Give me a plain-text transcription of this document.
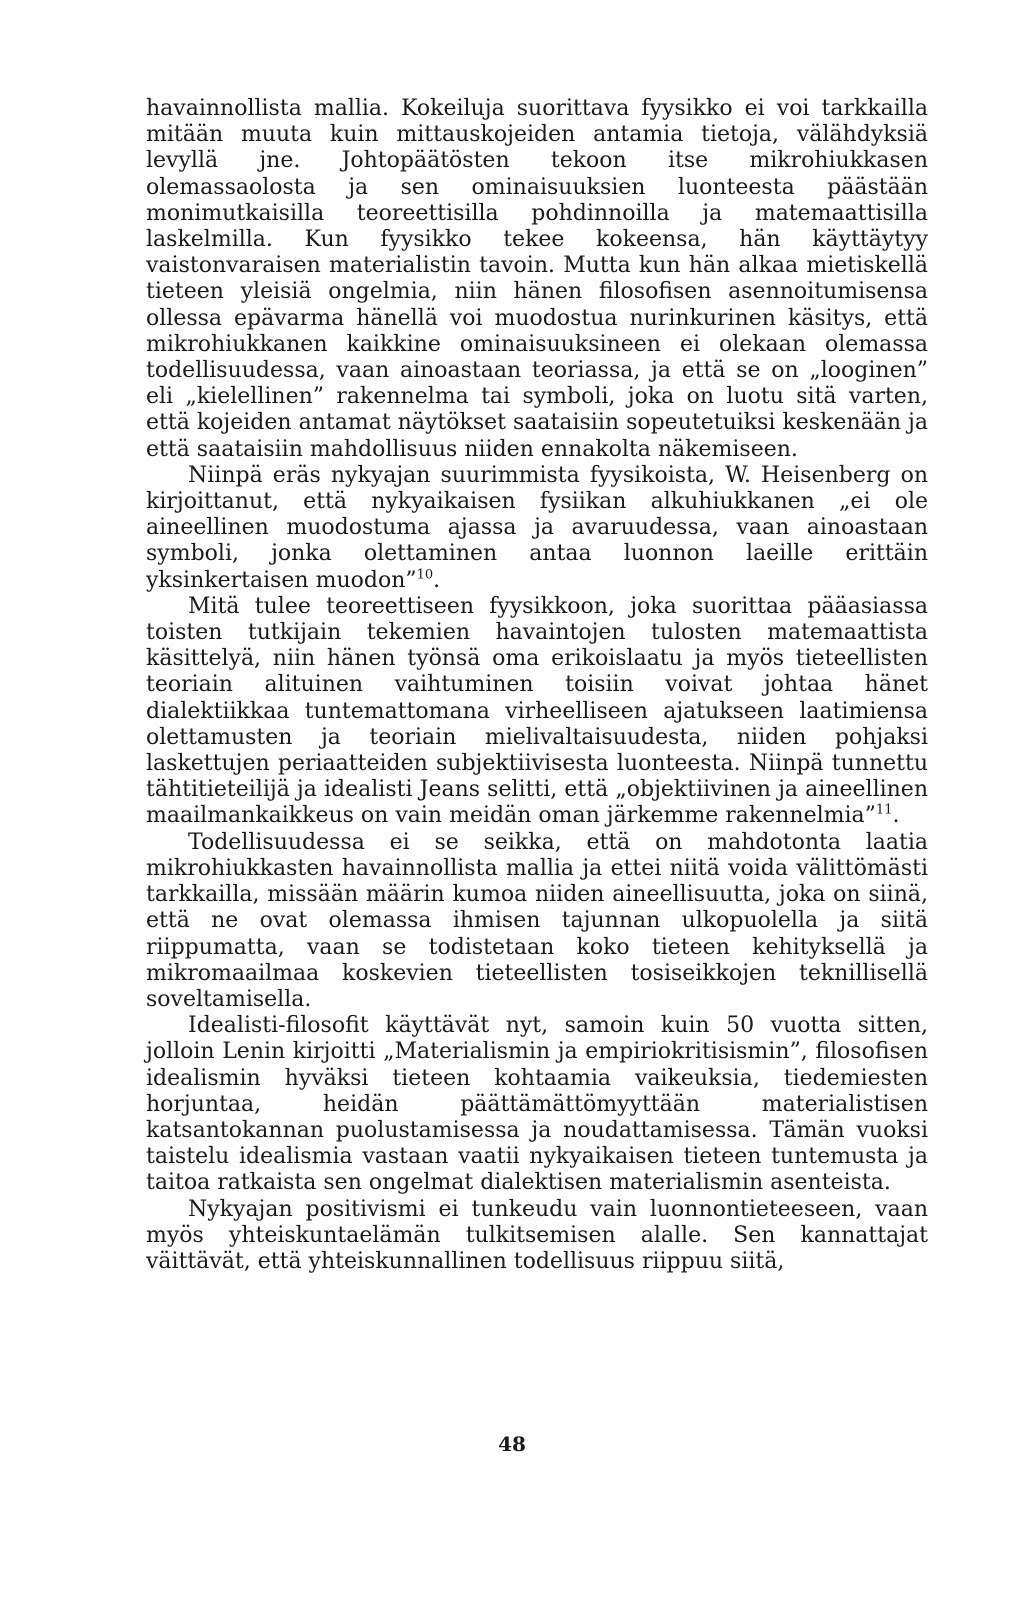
havainnollista mallia. Kokeiluja suorittava fyysikko ei voi tarkkailla mitään muuta kuin mittauskojeiden antamia tietoja, välähdyksiä levyllä jne. Johtopäätösten tekoon itse mikrohiukkasen olemassaolosta ja sen ominaisuuksien luonteesta päästään monimutkaisilla teoreettisilla pohdinnoilla ja matemaattisilla laskelmilla. Kun fyysikko tekee kokeensa, hän käyttäytyy vaistonvaraisen materialistin tavoin. Mutta kun hän alkaa mietiskellä tieteen yleisiä ongelmia, niin hänen filosofisen asennoitumisensa ollessa epävarma hänellä voi muodostua nurinkurinen käsitys, että mikrohiukkanen kaikkine ominaisuuksineen ei olekaan olemassa todellisuudessa, vaan ainoastaan teoriassa, ja että se on „looginen” eli „kielellinen” rakennelma tai symboli, joka on luotu sitä varten, että kojeiden antamat näytökset saataisiin sopeutetuiksi keskenään ja että saataisiin mahdollisuus niiden ennakolta näkemiseen.

Niinpä eräs nykyajan suurimmista fyysikoista, W. Heisenberg on kirjoittanut, että nykyaikaisen fysiikan alkuhiukkanen „ei ole aineellinen muodostuma ajassa ja avaruudessa, vaan ainoastaan symboli, jonka olettaminen antaa luonnon laeille erittäin yksinkertaisen muodon”$^{10}$.

Mitä tulee teoreettiseen fyysikkoon, joka suorittaa pääasiassa toisten tutkijain tekemien havaintojen tulosten matemaattista käsittelyä, niin hänen työnsä oma erikoislaatu ja myös tieteellisten teoriain alituinen vaihtuminen toisiin voivat johtaa hänet dialektiikkaa tuntemattomana virheelliseen ajatukseen laatimiensa olettamusten ja teoriain mielivaltaisuudesta, niiden pohjaksi laskettujen periaatteiden subjektiivisesta luonteesta. Niinpä tunnettu tähtitieteilijä ja idealisti Jeans selitti, että „objektiivinen ja aineellinen maailmankaikkeus on vain meidän oman järkemme rakennelmia”$^{11}$.

Todellisuudessa ei se seikka, että on mahdotonta laatia mikrohiukkasten havainnollista mallia ja ettei niitä voida välittömästi tarkkailla, missään määrin kumoa niiden aineellisuutta, joka on siinä, että ne ovat olemassa ihmisen tajunnan ulkopuolella ja siitä riippumatta, vaan se todistetaan koko tieteen kehityksellä ja mikromaailmaa koskevien tieteellisten tosiseikkojen teknillisellä soveltamisella.

Idealisti-filosofit käyttävät nyt, samoin kuin 50 vuotta sitten, jolloin Lenin kirjoitti „Materialismin ja empiriokritisismin”, filosofisen idealismin hyväksi tieteen kohtaamia vaikeuksia, tiedemiesten horjuntaa, heidän päättämättömyyttään materialistisen katsantokannan puolustamisessa ja noudattamisessa. Tämän vuoksi taistelu idealismia vastaan vaatii nykyaikaisen tieteen tuntemusta ja taitoa ratkaista sen ongelmat dialektisen materialismin asenteista.

Nykyajan positivismi ei tunkeudu vain luonnontieteeseen, vaan myös yhteiskuntaelämän tulkitsemisen alalle. Sen kannattajat väittävät, että yhteiskunnallinen todellisuus riippuu siitä,

48
